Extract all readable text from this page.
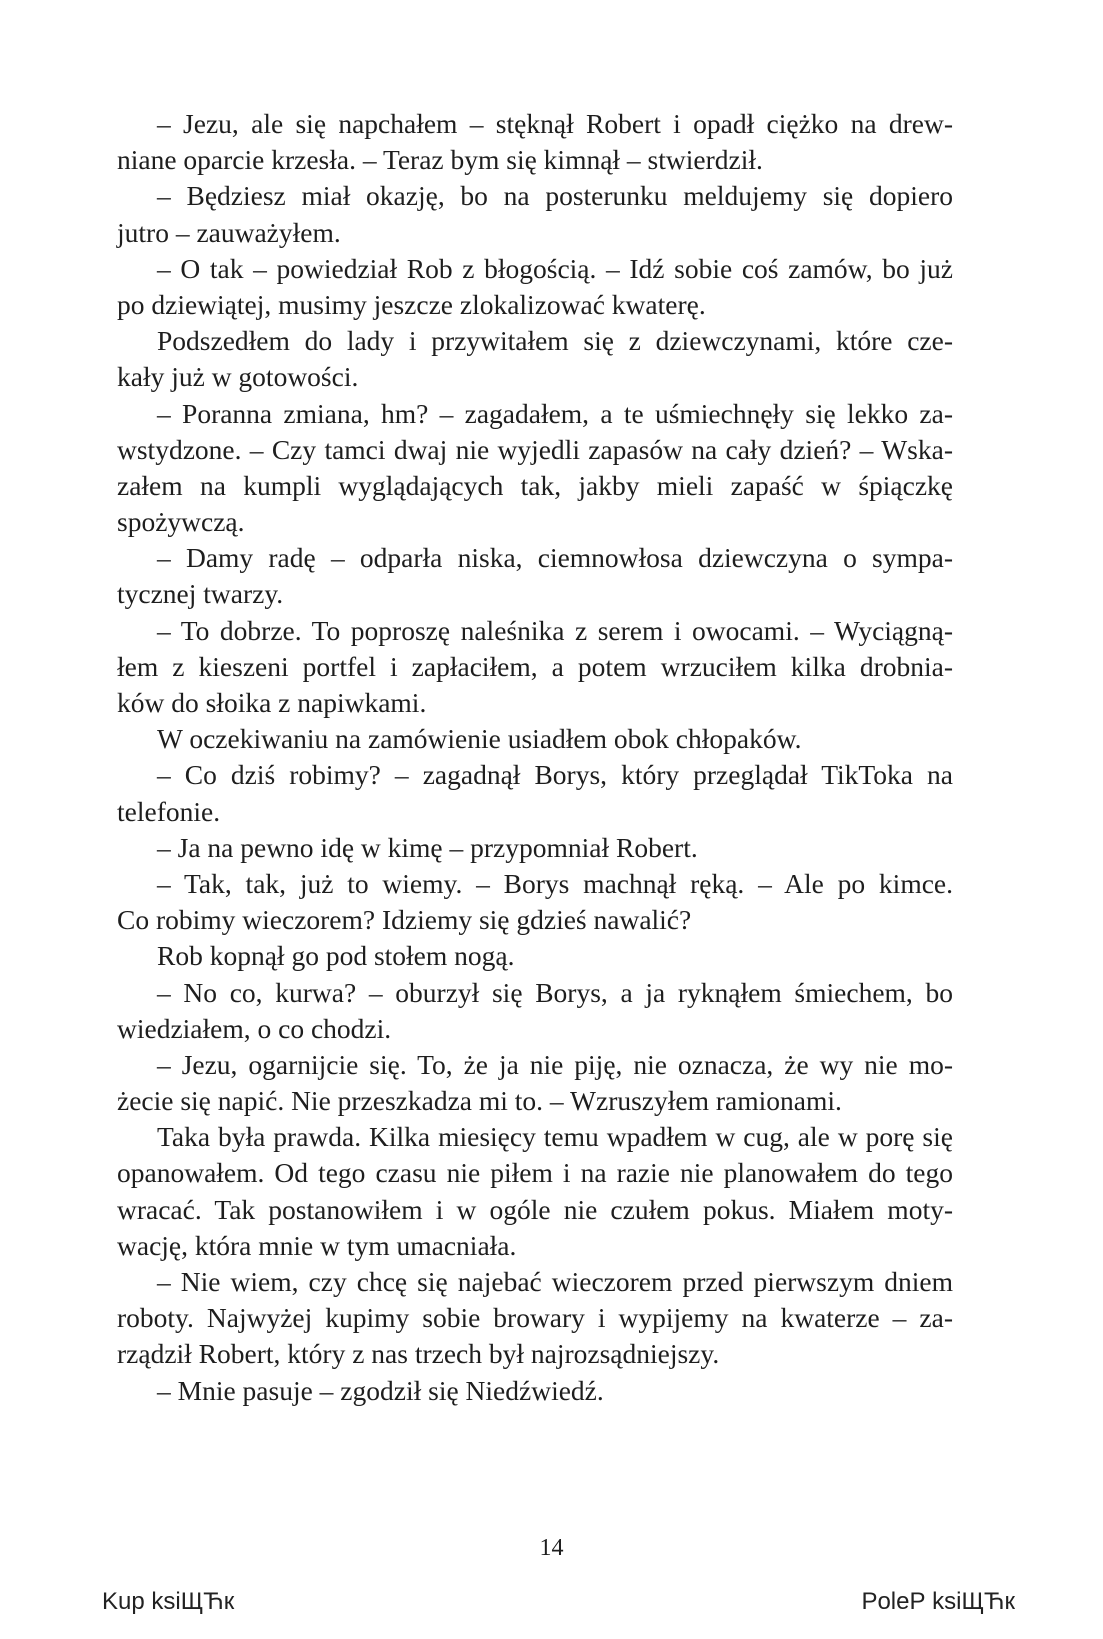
– Jezu, ale się napchałem – stęknął Robert i opadł ciężko na drew-
niane oparcie krzesła. – Teraz bym się kimnął – stwierdził.
– Będziesz miał okazję, bo na posterunku meldujemy się dopiero
jutro – zauważyłem.
– O tak – powiedział Rob z błogością. – Idź sobie coś zamów, bo już
po dziewiątej, musimy jeszcze zlokalizować kwaterę.
Podszedłem do lady i przywitałem się z dziewczynami, które cze-
kały już w gotowości.
– Poranna zmiana, hm? – zagadałem, a te uśmiechnęły się lekko za-
wstydzone. – Czy tamci dwaj nie wyjedli zapasów na cały dzień? – Wska-
załem na kumpli wyglądających tak, jakby mieli zapaść w śpiączkę
spożywczą.
– Damy radę – odparła niska, ciemnowłosa dziewczyna o sympa-
tycznej twarzy.
– To dobrze. To poproszę naleśnika z serem i owocami. – Wyciągną-
łem z kieszeni portfel i zapłaciłem, a potem wrzuciłem kilka drobnia-
ków do słoika z napiwkami.
W oczekiwaniu na zamówienie usiadłem obok chłopaków.
– Co dziś robimy? – zagadnął Borys, który przeglądał TikToka na
telefonie.
– Ja na pewno idę w kimę – przypomniał Robert.
– Tak, tak, już to wiemy. – Borys machnął ręką. – Ale po kimce.
Co robimy wieczorem? Idziemy się gdzieś nawalić?
Rob kopnął go pod stołem nogą.
– No co, kurwa? – oburzył się Borys, a ja ryknąłem śmiechem, bo
wiedziałem, o co chodzi.
– Jezu, ogarnijcie się. To, że ja nie piję, nie oznacza, że wy nie mo-
żecie się napić. Nie przeszkadza mi to. – Wzruszyłem ramionami.
Taka była prawda. Kilka miesięcy temu wpadłem w cug, ale w porę się
opanowałem. Od tego czasu nie piłem i na razie nie planowałem do tego
wracać. Tak postanowiłem i w ogóle nie czułem pokus. Miałem moty-
wację, która mnie w tym umacniała.
– Nie wiem, czy chcę się najebać wieczorem przed pierwszym dniem
roboty. Najwyżej kupimy sobie browary i wypijemy na kwaterze – za-
rządził Robert, który z nas trzech był najrozsądniejszy.
– Mnie pasuje – zgodził się Niedźwiedź.
14
Kup ksiЩЋк	PoleР ksiЩЋк
